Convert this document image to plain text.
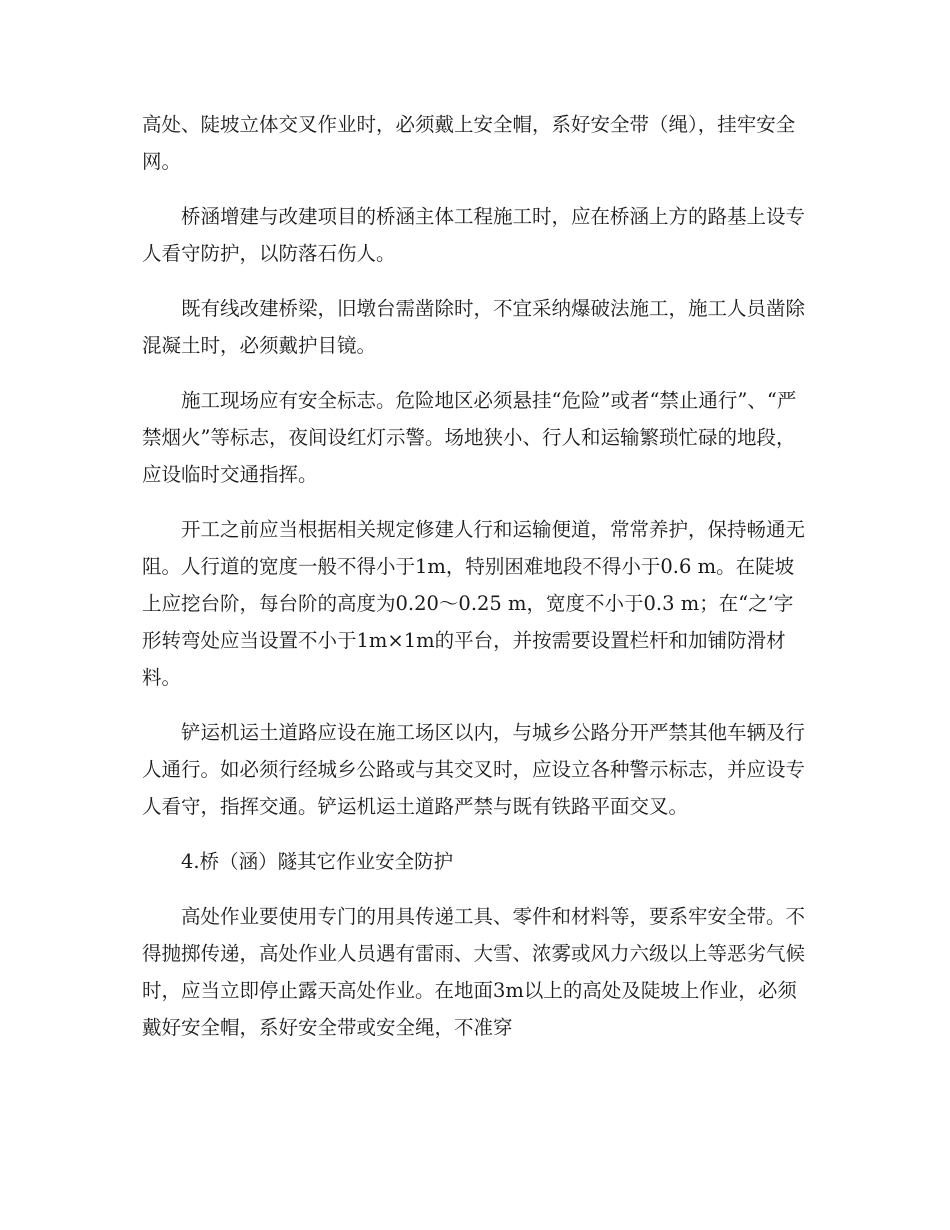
高处、陡坡立体交叉作业时，必须戴上安全帽，系好安全带（绳），挂牢安全网。

桥涵增建与改建项目的桥涵主体工程施工时，应在桥涵上方的路基上设专人看守防护，以防落石伤人。

既有线改建桥梁，旧墩台需凿除时，不宜采纳爆破法施工，施工人员凿除混凝土时，必须戴护目镜。

施工现场应有安全标志。危险地区必须悬挂“危险”或者“禁止通行”、“严禁烟火”等标志，夜间设红灯示警。场地狭小、行人和运输繁琐忙碌的地段，应设临时交通指挥。

开工之前应当根据相关规定修建人行和运输便道，常常养护，保持畅通无阻。人行道的宽度一般不得小于1m，特别困难地段不得小于0.6 m。在陡坡上应挖台阶，每台阶的高度为0.20～0.25 m，宽度不小于0.3 m；在“之’字形转弯处应当设置不小于1m×1m的平台，并按需要设置栏杆和加铺防滑材料。

铲运机运土道路应设在施工场区以内，与城乡公路分开严禁其他车辆及行人通行。如必须行经城乡公路或与其交叉时，应设立各种警示标志，并应设专人看守，指挥交通。铲运机运土道路严禁与既有铁路平面交叉。

4.桥（涵）隧其它作业安全防护

高处作业要使用专门的用具传递工具、零件和材料等，要系牢安全带。不得抛掷传递，高处作业人员遇有雷雨、大雪、浓雾或风力六级以上等恶劣气候时，应当立即停止露天高处作业。在地面3m以上的高处及陡坡上作业，必须戴好安全帽，系好安全带或安全绳，不准穿
